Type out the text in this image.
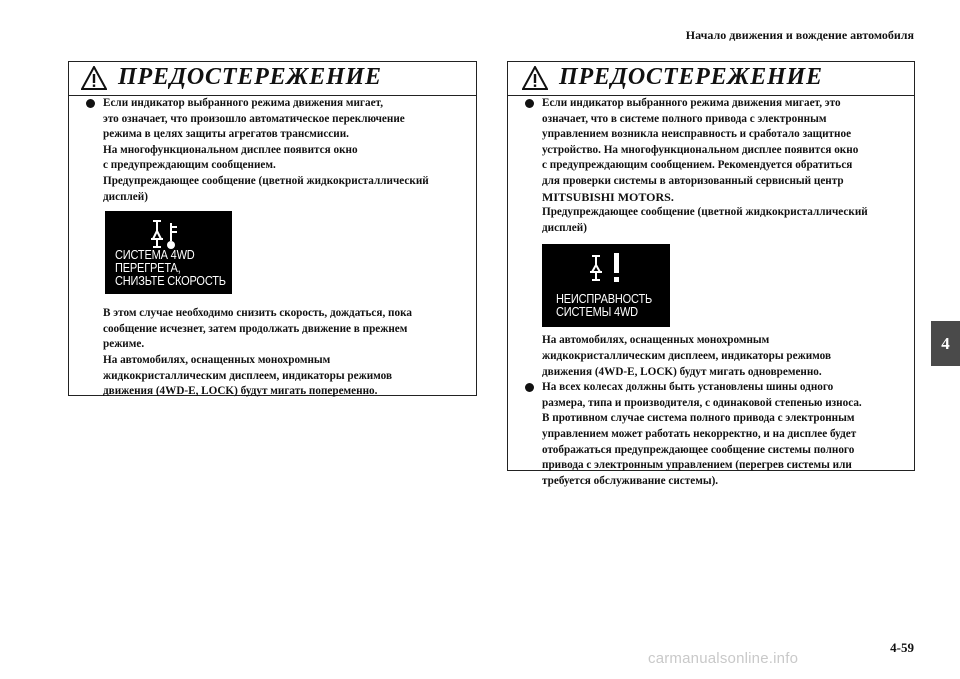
Начало движения и вождение автомобиля
ПРЕДОСТЕРЕЖЕНИЕ
Если индикатор выбранного режима движения мигает,
это означает, что произошло автоматическое переключение
режима в целях защиты агрегатов трансмиссии.
На многофункциональном дисплее появится окно
с предупреждающим сообщением.
Предупреждающее сообщение (цветной жидкокристаллический
дисплей)
СИСТЕМА 4WD
ПЕРЕГРЕТА,
СНИЗЬТЕ СКОРОСТЬ
В этом случае необходимо снизить скорость, дождаться, пока
сообщение исчезнет, затем продолжать движение в прежнем
режиме.
На автомобилях, оснащенных монохромным
жидкокристаллическим дисплеем, индикаторы режимов
движения (4WD-E, LOCK) будут мигать попеременно.
ПРЕДОСТЕРЕЖЕНИЕ
Если индикатор выбранного режима движения мигает, это
означает, что в системе полного привода с электронным
управлением возникла неисправность и сработало защитное
устройство. На многофункциональном дисплее появится окно
с предупреждающим сообщением. Рекомендуется обратиться
для проверки системы в авторизованный сервисный центр
MITSUBISHI MOTORS.
Предупреждающее сообщение (цветной жидкокристаллический
дисплей)
НЕИСПРАВНОСТЬ
СИСТЕМЫ 4WD
На автомобилях, оснащенных монохромным
жидкокристаллическим дисплеем, индикаторы режимов
движения (4WD-E, LOCK) будут мигать одновременно.
На всех колесах должны быть установлены шины одного
размера, типа и производителя, с одинаковой степенью износа.
В противном случае система полного привода с электронным
управлением может работать некорректно, и на дисплее будет
отображаться предупреждающее сообщение системы полного
привода с электронным управлением (перегрев системы или
требуется обслуживание системы).
4
4-59
carmanualsonline.info
